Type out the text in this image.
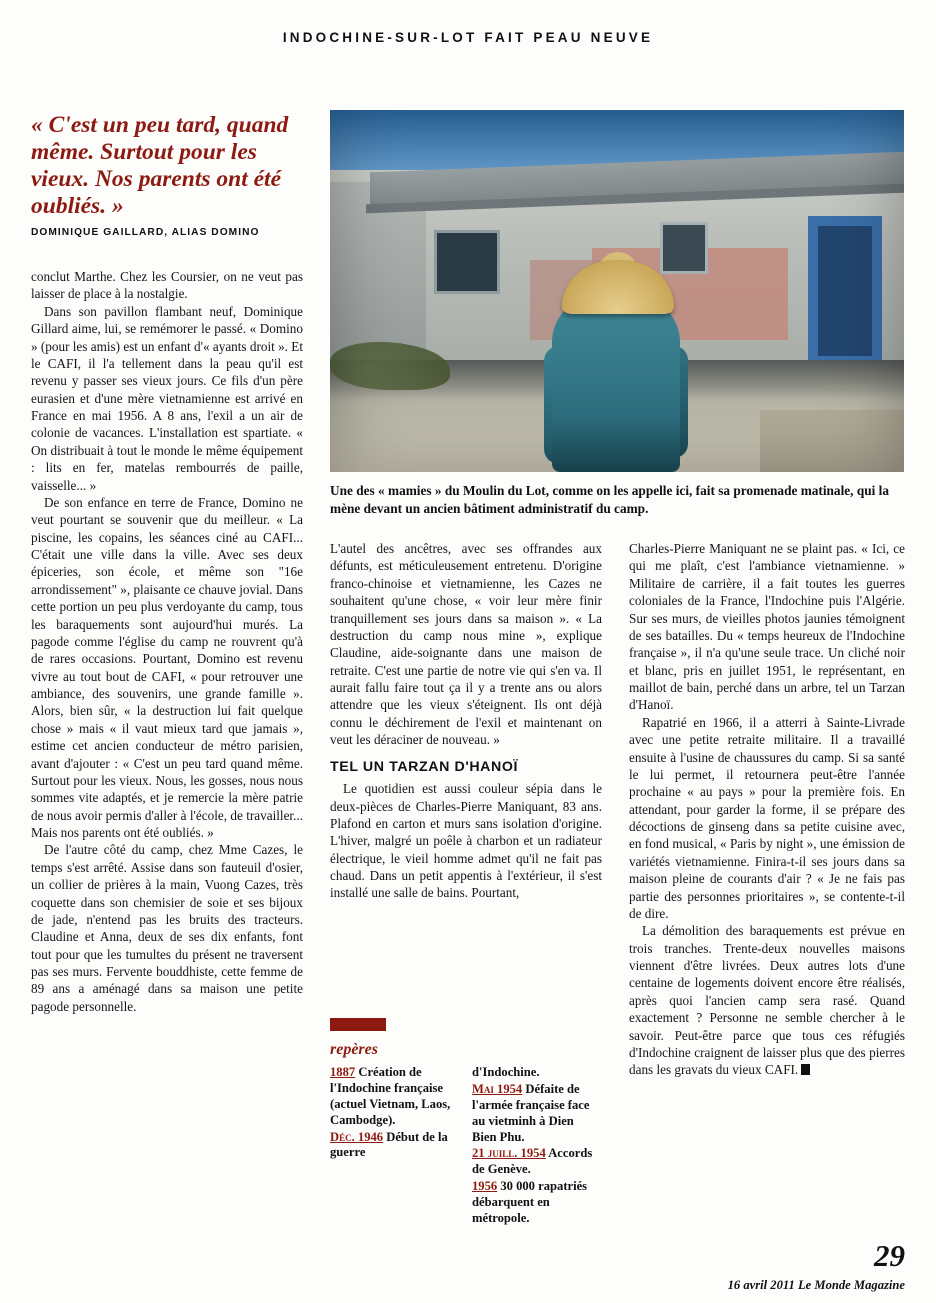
INDOCHINE-SUR-LOT FAIT PEAU NEUVE

« C'est un peu tard, quand même. Surtout pour les vieux. Nos parents ont été oubliés. »

DOMINIQUE GAILLARD, ALIAS DOMINO
Une des « mamies » du Moulin du Lot, comme on les appelle ici, fait sa promenade matinale, qui la mène devant un ancien bâtiment administratif du camp.

conclut Marthe. Chez les Coursier, on ne veut pas laisser de place à la nostalgie.

Dans son pavillon flambant neuf, Dominique Gillard aime, lui, se remémorer le passé. « Domino » (pour les amis) est un enfant d'« ayants droit ». Et le CAFI, il l'a tellement dans la peau qu'il est revenu y passer ses vieux jours. Ce fils d'un père eurasien et d'une mère vietnamienne est arrivé en France en mai 1956. A 8 ans, l'exil a un air de colonie de vacances. L'installation est spartiate. « On distribuait à tout le monde le même équipement : lits en fer, matelas rembourrés de paille, vaisselle... »

De son enfance en terre de France, Domino ne veut pourtant se souvenir que du meilleur. « La piscine, les copains, les séances ciné au CAFI... C'était une ville dans la ville. Avec ses deux épiceries, son école, et même son "16e arrondissement" », plaisante ce chauve jovial. Dans cette portion un peu plus verdoyante du camp, tous les baraquements sont aujourd'hui murés. La pagode comme l'église du camp ne rouvrent qu'à de rares occasions. Pourtant, Domino est revenu vivre au tout bout de CAFI, « pour retrouver une ambiance, des souvenirs, une grande famille ». Alors, bien sûr, « la destruction lui fait quelque chose » mais « il vaut mieux tard que jamais », estime cet ancien conducteur de métro parisien, avant d'ajouter : « C'est un peu tard quand même. Surtout pour les vieux. Nous, les gosses, nous nous sommes vite adaptés, et je remercie la mère patrie de nous avoir permis d'aller à l'école, de travailler... Mais nos parents ont été oubliés. »

De l'autre côté du camp, chez Mme Cazes, le temps s'est arrêté. Assise dans son fauteuil d'osier, un collier de prières à la main, Vuong Cazes, très coquette dans son chemisier de soie et ses bijoux de jade, n'entend pas les bruits des tracteurs. Claudine et Anna, deux de ses dix enfants, font tout pour que les tumultes du présent ne traversent pas ses murs. Fervente bouddhiste, cette femme de 89 ans a aménagé dans sa maison une petite pagode personnelle.

L'autel des ancêtres, avec ses offrandes aux défunts, est méticuleusement entretenu. D'origine franco-chinoise et vietnamienne, les Cazes ne souhaitent qu'une chose, « voir leur mère finir tranquillement ses jours dans sa maison ». « La destruction du camp nous mine », explique Claudine, aide-soignante dans une maison de retraite. C'est une partie de notre vie qui s'en va. Il aurait fallu faire tout ça il y a trente ans ou alors attendre que les vieux s'éteignent. Ils ont déjà connu le déchirement de l'exil et maintenant on veut les déraciner de nouveau. »

TEL UN TARZAN D'HANOÏ

Le quotidien est aussi couleur sépia dans le deux-pièces de Charles-Pierre Maniquant, 83 ans. Plafond en carton et murs sans isolation d'origine. L'hiver, malgré un poêle à charbon et un radiateur électrique, le vieil homme admet qu'il ne fait pas chaud. Dans un petit appentis à l'extérieur, il s'est installé une salle de bains. Pourtant,

Charles-Pierre Maniquant ne se plaint pas. « Ici, ce qui me plaît, c'est l'ambiance vietnamienne. » Militaire de carrière, il a fait toutes les guerres coloniales de la France, l'Indochine puis l'Algérie. Sur ses murs, de vieilles photos jaunies témoignent de ses batailles. Du « temps heureux de l'Indochine française », il n'a qu'une seule trace. Un cliché noir et blanc, pris en juillet 1951, le représentant, en maillot de bain, perché dans un arbre, tel un Tarzan d'Hanoï.

Rapatrié en 1966, il a atterri à Sainte-Livrade avec une petite retraite militaire. Il a travaillé ensuite à l'usine de chaussures du camp. Si sa santé le lui permet, il retournera peut-être l'année prochaine « au pays » pour la première fois. En attendant, pour garder la forme, il se prépare des décoctions de ginseng dans sa petite cuisine avec, en fond musical, « Paris by night », une émission de variétés vietnamienne. Finira-t-il ses jours dans sa maison pleine de courants d'air ? « Je ne fais pas partie des personnes prioritaires », se contente-t-il de dire.

La démolition des baraquements est prévue en trois tranches. Trente-deux nouvelles maisons viennent d'être livrées. Deux autres lots d'une centaine de logements doivent encore être réalisés, après quoi l'ancien camp sera rasé. Quand exactement ? Personne ne semble chercher à le savoir. Peut-être parce que tous ces réfugiés d'Indochine craignent de laisser plus que des pierres dans les gravats du vieux CAFI.

repères

1887 Création de l'Indochine française (actuel Vietnam, Laos, Cambodge).

Déc. 1946 Début de la guerre

d'Indochine.

Mai 1954 Défaite de l'armée française face au vietminh à Dien Bien Phu.

21 juill. 1954 Accords de Genève.

1956 30 000 rapatriés débarquent en métropole.

29
16 avril 2011 Le Monde Magazine
